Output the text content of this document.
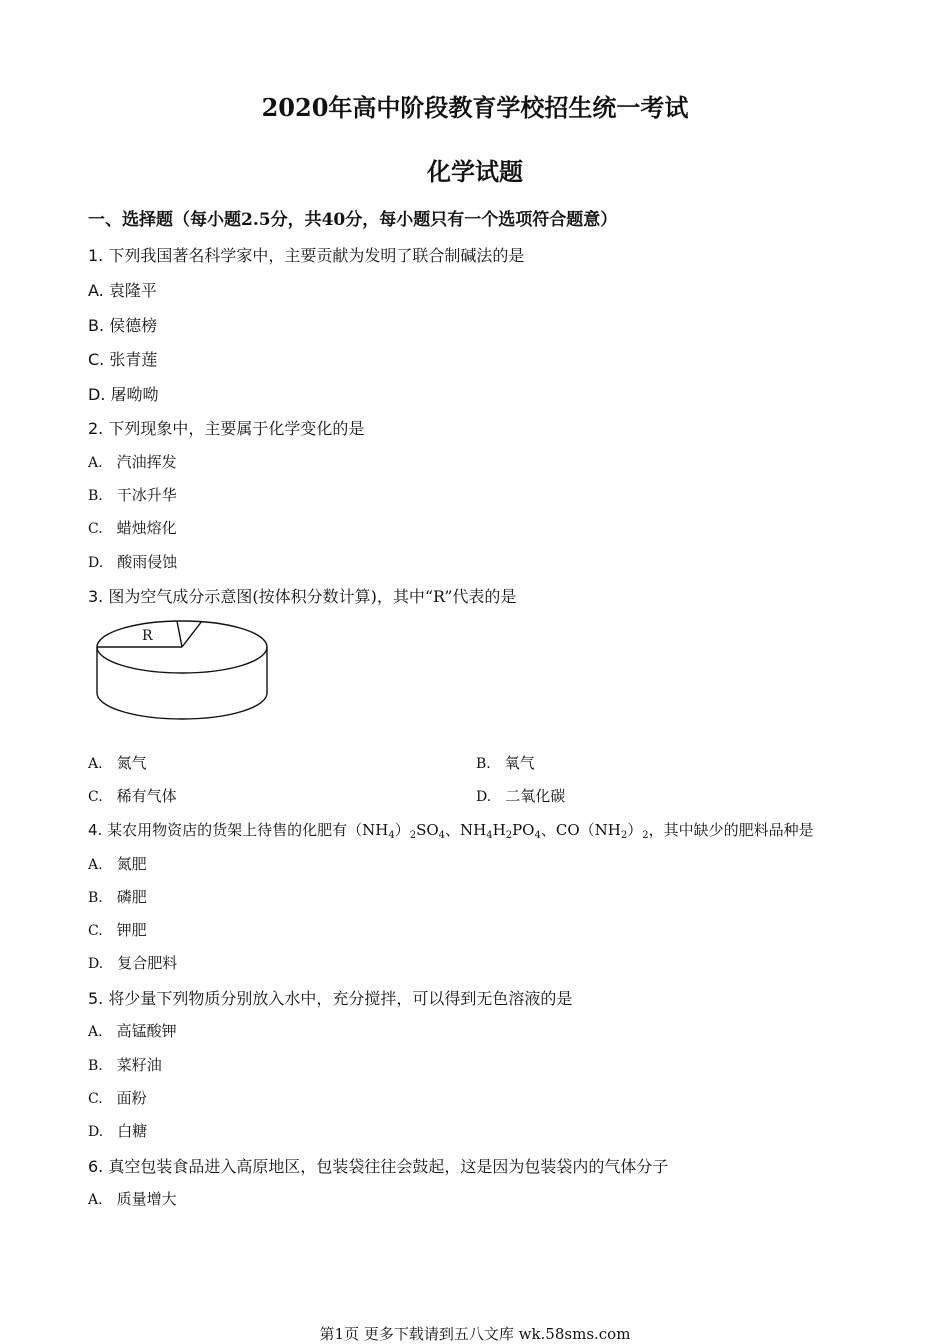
2020年高中阶段教育学校招生统一考试
化学试题
一、选择题（每小题2.5分，共40分，每小题只有一个选项符合题意）
1. 下列我国著名科学家中，主要贡献为发明了联合制碱法的是
A. 袁隆平
B. 侯德榜
C. 张青莲
D. 屠呦呦
2. 下列现象中，主要属于化学变化的是
A. 汽油挥发
B. 干冰升华
C. 蜡烛熔化
D. 酸雨侵蚀
3. 图为空气成分示意图(按体积分数计算)，其中“R”代表的是
R
A. 氮气	B. 氧气
C. 稀有气体	D. 二氧化碳
4. 某农用物资店的货架上待售的化肥有$(NH_4)_2SO_4$、$NH_4H_2PO_4$、$CO(NH_2)_2$，其中缺少的肥料品种是
A. 氮肥
B. 磷肥
C. 钾肥
D. 复合肥料
5. 将少量下列物质分别放入水中，充分搅拌，可以得到无色溶液的是
A. 高锰酸钾
B. 菜籽油
C. 面粉
D. 白糖
6. 真空包装食品进入高原地区，包装袋往往会鼓起，这是因为包装袋内的气体分子
A. 质量增大
第1页 更多下载请到五八文库 wk.58sms.com
